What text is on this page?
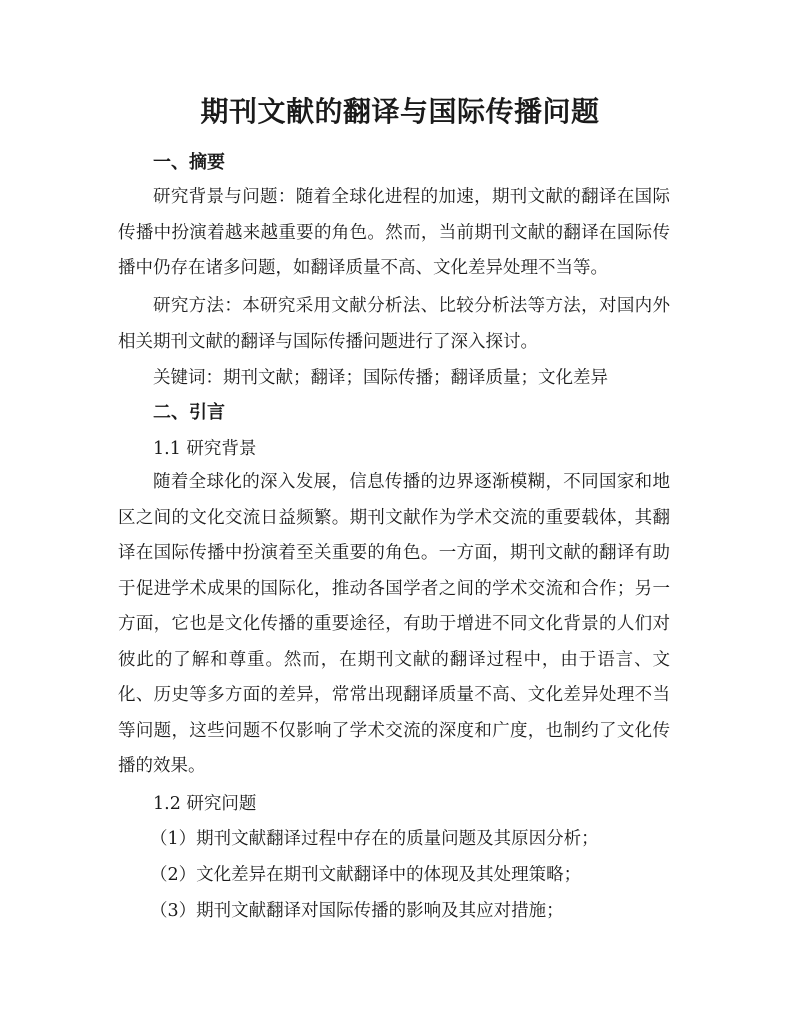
期刊文献的翻译与国际传播问题
一、摘要
研究背景与问题：随着全球化进程的加速，期刊文献的翻译在国际传播中扮演着越来越重要的角色。然而，当前期刊文献的翻译在国际传播中仍存在诸多问题，如翻译质量不高、文化差异处理不当等。
研究方法：本研究采用文献分析法、比较分析法等方法，对国内外相关期刊文献的翻译与国际传播问题进行了深入探讨。
关键词：期刊文献；翻译；国际传播；翻译质量；文化差异
二、引言
1.1 研究背景
随着全球化的深入发展，信息传播的边界逐渐模糊，不同国家和地区之间的文化交流日益频繁。期刊文献作为学术交流的重要载体，其翻译在国际传播中扮演着至关重要的角色。一方面，期刊文献的翻译有助于促进学术成果的国际化，推动各国学者之间的学术交流和合作；另一方面，它也是文化传播的重要途径，有助于增进不同文化背景的人们对彼此的了解和尊重。然而，在期刊文献的翻译过程中，由于语言、文化、历史等多方面的差异，常常出现翻译质量不高、文化差异处理不当等问题，这些问题不仅影响了学术交流的深度和广度，也制约了文化传播的效果。
1.2 研究问题
（1）期刊文献翻译过程中存在的质量问题及其原因分析；
（2）文化差异在期刊文献翻译中的体现及其处理策略；
（3）期刊文献翻译对国际传播的影响及其应对措施；
